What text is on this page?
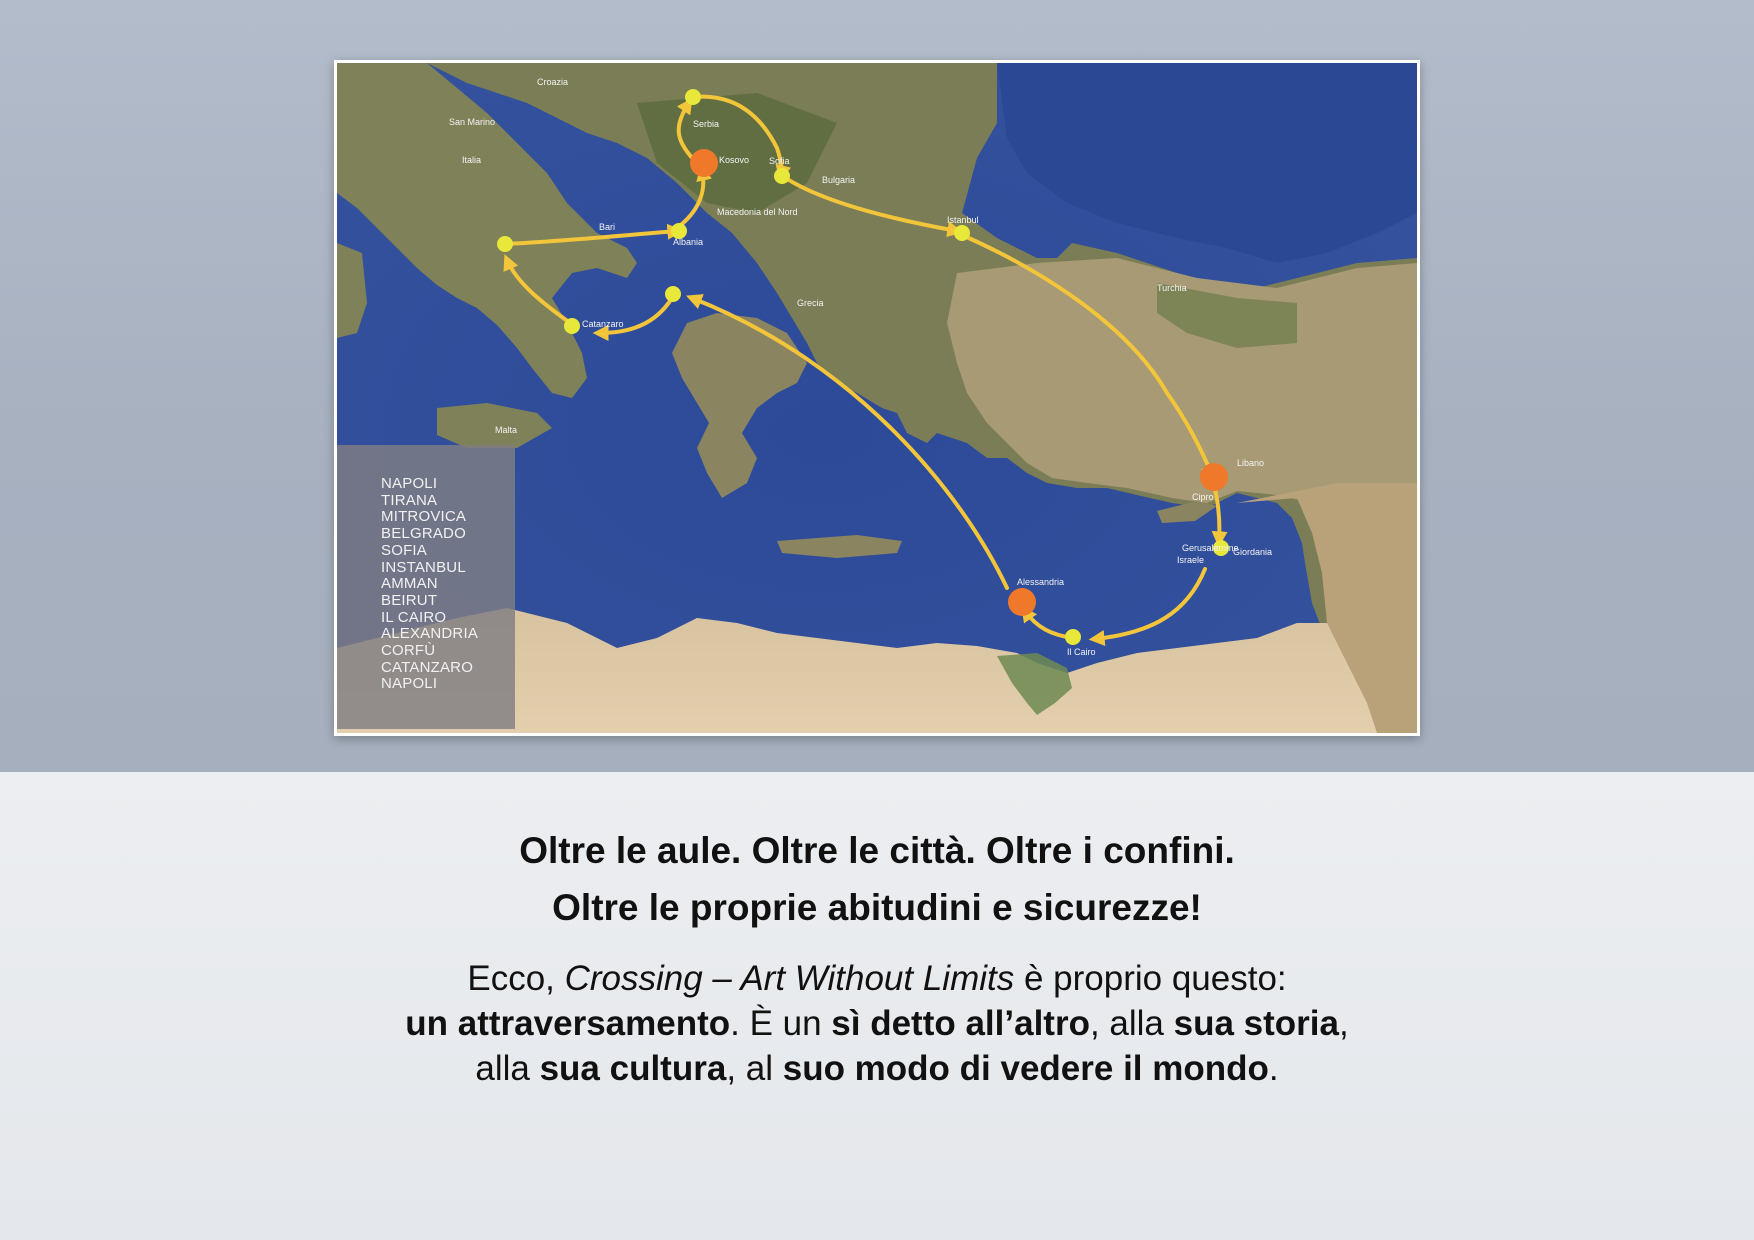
Croazia
Serbia
Kosovo
Bulgaria
Sofia
Macedonia del Nord
Albania
Istanbul
Italia
San Marino
Bari
Grecia
Catanzaro
Turchia
Cipro
Libano
Israele
Gerusalemme
Giordania
Alessandria
Il Cairo
Malta
NAPOLI
TIRANA
MITROVICA
BELGRADO
SOFIA
INSTANBUL
AMMAN
BEIRUT
IL CAIRO
ALEXANDRIA
CORFÙ
CATANZARO
NAPOLI

Oltre le aule. Oltre le città. Oltre i confini.
Oltre le proprie abitudini e sicurezze!

Ecco, Crossing – Art Without Limits è proprio questo:
un attraversamento. È un sì detto all’altro, alla sua storia,
alla sua cultura, al suo modo di vedere il mondo.
